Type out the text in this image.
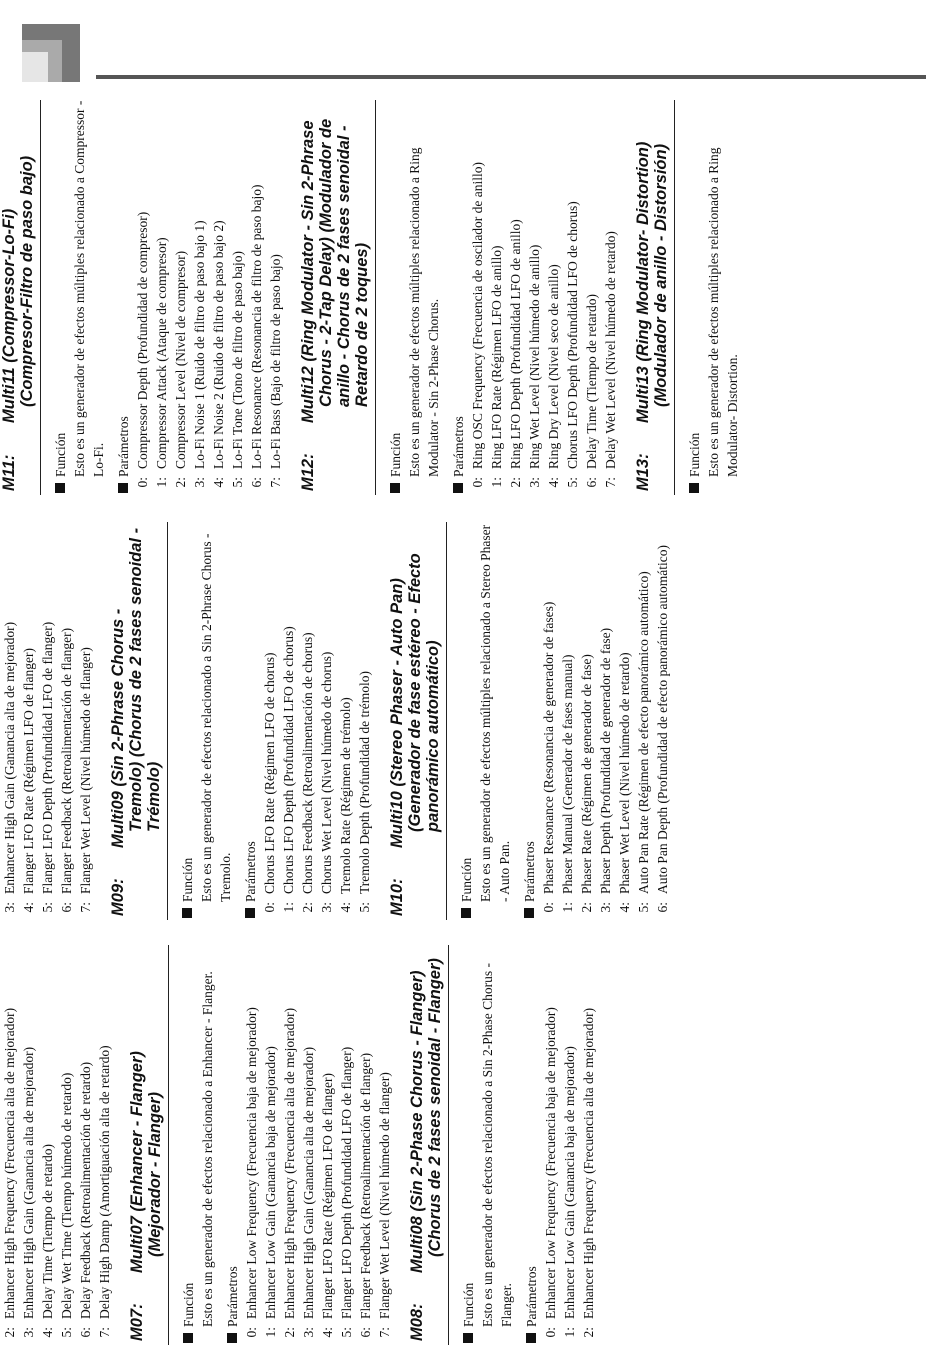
2:
Enhancer High Frequency (Frecuencia alta de mejorador)
3:
Enhancer High Gain (Ganancia alta de mejorador)
4:
Delay Time (Tiempo de retardo)
5:
Delay Wet Time (Tiempo húmedo de retardo)
6:
Delay Feedback (Retroalimentación de retardo)
7:
Delay High Damp (Amortiguación alta de retardo)
M07:
Multi07 (Enhancer - Flanger) (Mejorador - Flanger)
Función Esto es un generador de efectos relacionado a Enhancer - Flanger. Parámetros
0:
Enhancer Low Frequency (Frecuencia baja de mejorador)
1:
Enhancer Low Gain (Ganancia baja de mejorador)
2:
Enhancer High Frequency (Frecuencia alta de mejorador)
3:
Enhancer High Gain (Ganancia alta de mejorador)
4:
Flanger LFO Rate (Régimen LFO de flanger)
5:
Flanger LFO Depth (Profundidad LFO de flanger)
6:
Flanger Feedback (Retroalimentación de flanger)
7:
Flanger Wet Level (Nivel húmedo de flanger)
M08:
Multi08 (Sin 2-Phase Chorus - Flanger) (Chorus de 2 fases senoidal - Flanger)
Función Esto es un generador de efectos relacionado a Sin 2-Phase Chorus - Flanger. Parámetros
0:
Enhancer Low Frequency (Frecuencia baja de mejorador)
1:
Enhancer Low Gain (Ganancia baja de mejorador)
2:
Enhancer High Frequency (Frecuencia alta de mejorador)
3:
Enhancer High Gain (Ganancia alta de mejorador)
4:
Flanger LFO Rate (Régimen LFO de flanger)
5:
Flanger LFO Depth (Profundidad LFO de flanger)
6:
Flanger Feedback (Retroalimentación de flanger)
7:
Flanger Wet Level (Nivel húmedo de flanger)
M09:
Multi09 (Sin 2-Phrase Chorus - Tremolo) (Chorus de 2 fases senoidal - Trémolo)
Función Esto es un generador de efectos relacionado a Sin 2-Phrase Chorus - Tremolo. Parámetros
0:
Chorus LFO Rate (Régimen LFO de chorus)
1:
Chorus LFO Depth (Profundidad LFO de chorus)
2:
Chorus Feedback (Retroalimentación de chorus)
3:
Chorus Wet Level (Nivel húmedo de chorus)
4:
Tremolo Rate (Régimen de trémolo)
5:
Tremolo Depth (Profundidad de trémolo)
M10:
Multi10 (Stereo Phaser - Auto Pan) (Generador de fase estéreo - Efecto panorámico automático)
Función Esto es un generador de efectos múltiples relacionado a Stereo Phaser - Auto Pan. Parámetros
0:
Phaser Resonance (Resonancia de generador de fases)
1:
Phaser Manual (Generador de fases manual)
2:
Phaser Rate (Régimen de generador de fase)
3:
Phaser Depth (Profundidad de generador de fase)
4:
Phaser Wet Level (Nivel húmedo de retardo)
5:
Auto Pan Rate (Régimen de efecto panorámico automático)
6:
Auto Pan Depth (Profundidad de efecto panorámico automático)
M11:
Multi11 (Compressor-Lo-Fi) (Compresor-Filtro de paso bajo)
Función Esto es un generador de efectos múltiples relacionado a Compressor - Lo-Fi. Parámetros
0:
Compressor Depth (Profundidad de compresor)
1:
Compressor Attack (Ataque de compresor)
2:
Compressor Level (Nivel de compresor)
3:
Lo-Fi Noise 1 (Ruido de filtro de paso bajo 1)
4:
Lo-Fi Noise 2 (Ruido de filtro de paso bajo 2)
5:
Lo-Fi Tone (Tono de filtro de paso bajo)
6:
Lo-Fi Resonance (Resonancia de filtro de paso bajo)
7:
Lo-Fi Bass (Bajo de filtro de paso bajo)
M12:
Multi12 (Ring Modulator - Sin 2-Phrase Chorus - 2-Tap Delay) (Modulador de anillo - Chorus de 2 fases senoidal - Retardo de 2 toques)
Función Esto es un generador de efectos múltiples relacionado a Ring Modulator - Sin 2-Phase Chorus. Parámetros
0:
Ring OSC Frequency (Frecuencia de oscilador de anillo)
1:
Ring LFO Rate (Régimen LFO de anillo)
2:
Ring LFO Depth (Profundidad LFO de anillo)
3:
Ring Wet Level (Nivel húmedo de anillo)
4:
Ring Dry Level (Nivel seco de anillo)
5:
Chorus LFO Depth (Profundidad LFO de chorus)
6:
Delay Time (Tiempo de retardo)
7:
Delay Wet Level (Nivel húmedo de retardo)
M13:
Multi13 (Ring Modulator- Distortion) (Modulador de anillo - Distorsión)
Función Esto es un generador de efectos múltiples relacionado a Ring Modulator- Distortion.
